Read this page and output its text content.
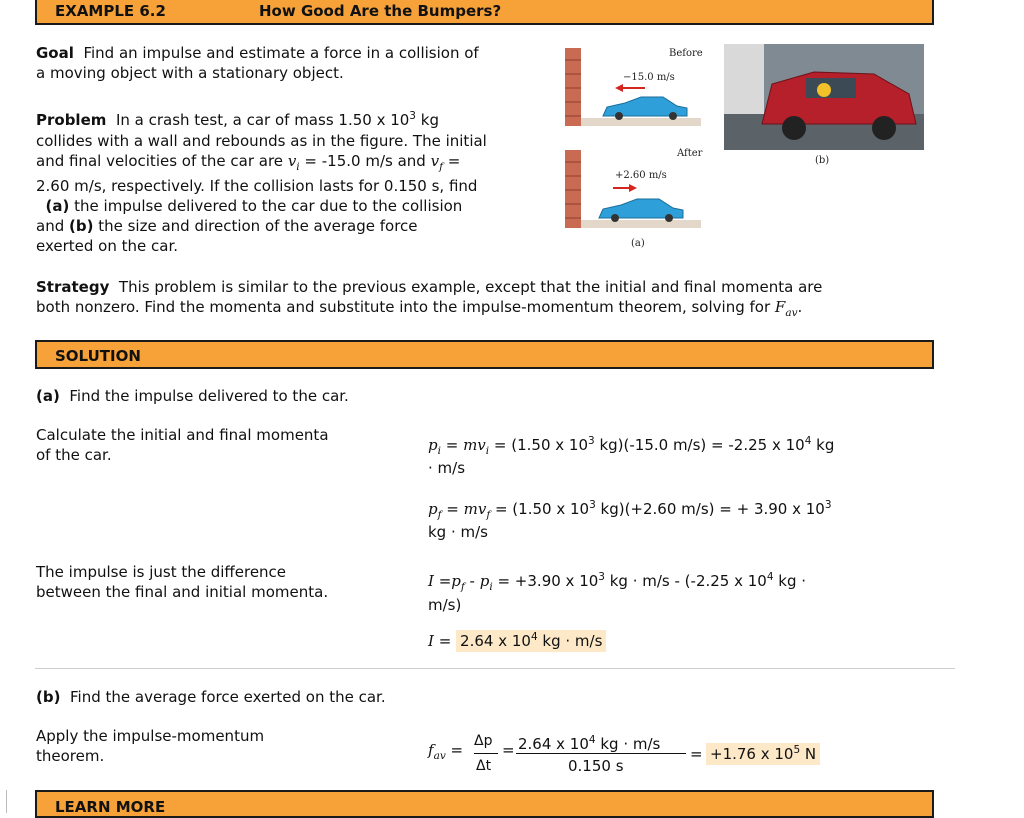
EXAMPLE 6.2	How Good Are the Bumpers?
Goal Find an impulse and estimate a force in a collision of
a moving object with a stationary object.
Problem In a crash test, a car of mass 1.50 x $10^3$ kg
collides with a wall and rebounds as in the figure. The initial
and final velocities of the car are $v_i = -15.0$ m/s and $v_f$ =
2.60 m/s, respectively. If the collision lasts for 0.150 s, find
(a) the impulse delivered to the car due to the collision
and (b) the size and direction of the average force
exerted on the car.
Before
−15.0 m/s
After
+2.60 m/s
(a)
(b)
Strategy This problem is similar to the previous example, except that the initial and final momenta are
both nonzero. Find the momenta and substitute into the impulse-momentum theorem, solving for $F_{av}$.
SOLUTION
(a) Find the impulse delivered to the car.
Calculate the initial and final momenta
of the car.
$p_i = mv_i = (1.50$ x $10^3$ kg)(-15.0 m/s) = -2.25 x $10^4$ kg
· m/s
$p_f = mv_f = (1.50$ x $10^3$ kg)(+2.60 m/s) = + 3.90 x $10^3$
kg · m/s
The impulse is just the difference
between the final and initial momenta.
$I =p_f - p_i = +3.90$ x $10^3$ kg · m/s - (-2.25 x $10^4$ kg ·
m/s)
I = 2.64 x $10^4$ kg · m/s
(b) Find the average force exerted on the car.
Apply the impulse-momentum
theorem.	$f_{av} = \Delta p$
Δt
= 2.64 x $10^4$ kg · m/s
0.150 s
= +1.76 x $10^5$ N
LEARN MORE
